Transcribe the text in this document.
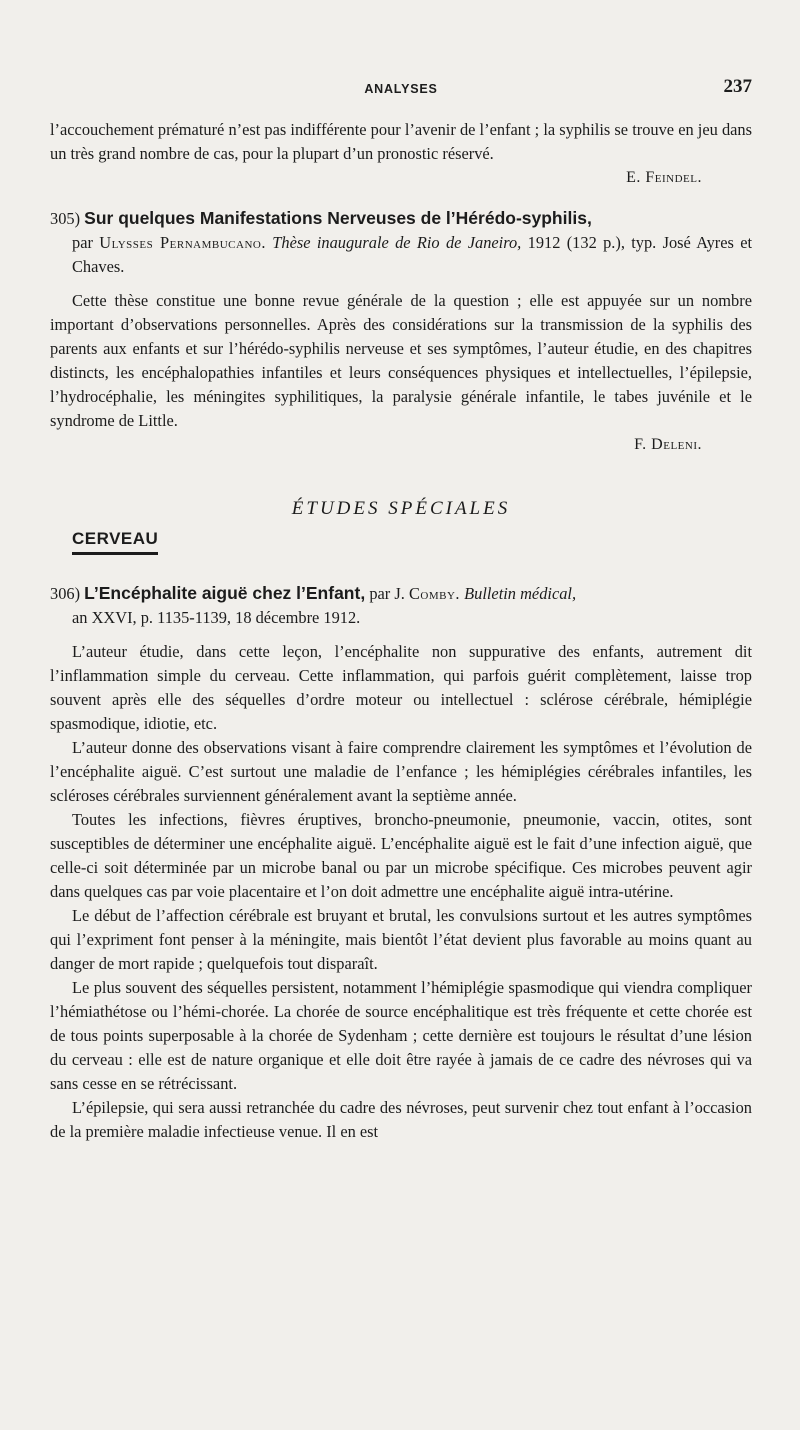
ANALYSES	237

l’accouchement prématuré n’est pas indifférente pour l’avenir de l’enfant ; la syphilis se trouve en jeu dans un très grand nombre de cas, pour la plupart d’un pronostic réservé.

E. Feindel.

305) Sur quelques Manifestations Nerveuses de l’Hérédo-syphilis,

par Ulysses Pernambucano. Thèse inaugurale de Rio de Janeiro, 1912 (132 p.), typ. José Ayres et Chaves.

Cette thèse constitue une bonne revue générale de la question ; elle est appuyée sur un nombre important d’observations personnelles. Après des considérations sur la transmission de la syphilis des parents aux enfants et sur l’hérédo-syphilis nerveuse et ses symptômes, l’auteur étudie, en des chapitres distincts, les encéphalopathies infantiles et leurs conséquences physiques et intellectuelles, l’épilepsie, l’hydrocéphalie, les méningites syphilitiques, la paralysie générale infantile, le tabes juvénile et le syndrome de Little.

F. Deleni.

ÉTUDES SPÉCIALES
CERVEAU

306) L’Encéphalite aiguë chez l’Enfant, par J. Comby. Bulletin médical,

an XXVI, p. 1135-1139, 18 décembre 1912.

L’auteur étudie, dans cette leçon, l’encéphalite non suppurative des enfants, autrement dit l’inflammation simple du cerveau. Cette inflammation, qui parfois guérit complètement, laisse trop souvent après elle des séquelles d’ordre moteur ou intellectuel : sclérose cérébrale, hémiplégie spasmodique, idiotie, etc.

L’auteur donne des observations visant à faire comprendre clairement les symptômes et l’évolution de l’encéphalite aiguë. C’est surtout une maladie de l’enfance ; les hémiplégies cérébrales infantiles, les scléroses cérébrales surviennent généralement avant la septième année.

Toutes les infections, fièvres éruptives, broncho-pneumonie, pneumonie, vaccin, otites, sont susceptibles de déterminer une encéphalite aiguë. L’encéphalite aiguë est le fait d’une infection aiguë, que celle-ci soit déterminée par un microbe banal ou par un microbe spécifique. Ces microbes peuvent agir dans quelques cas par voie placentaire et l’on doit admettre une encéphalite aiguë intra-utérine.

Le début de l’affection cérébrale est bruyant et brutal, les convulsions surtout et les autres symptômes qui l’expriment font penser à la méningite, mais bientôt l’état devient plus favorable au moins quant au danger de mort rapide ; quelquefois tout disparaît.

Le plus souvent des séquelles persistent, notamment l’hémiplégie spasmodique qui viendra compliquer l’hémiathétose ou l’hémi-chorée. La chorée de source encéphalitique est très fréquente et cette chorée est de tous points superposable à la chorée de Sydenham ; cette dernière est toujours le résultat d’une lésion du cerveau : elle est de nature organique et elle doit être rayée à jamais de ce cadre des névroses qui va sans cesse en se rétrécissant.

L’épilepsie, qui sera aussi retranchée du cadre des névroses, peut survenir chez tout enfant à l’occasion de la première maladie infectieuse venue. Il en est
